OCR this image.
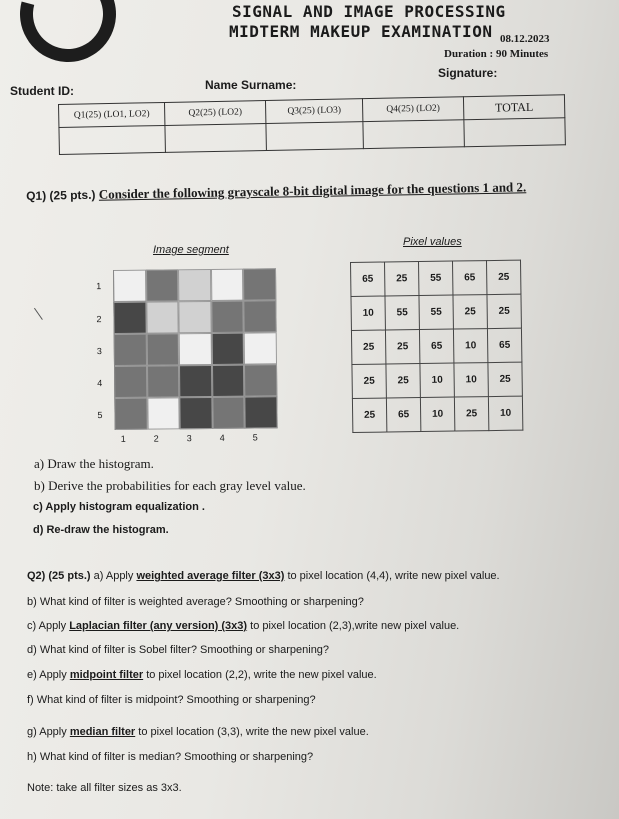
SIGNAL AND IMAGE PROCESSING
MIDTERM MAKEUP EXAMINATION 08.12.2023
Duration : 90 Minutes
Student ID:	Name Surname:
Signature:
Q1(25) (LO1, LO2)	Q2(25) (LO2)	Q3(25) (LO3)	Q4(25) (LO2)	TOTAL

Q1) (25 pts.) Consider the following grayscale 8-bit digital image for the questions 1 and 2.
Image segment
Pixel values
1
2
3
4
5
1	2	3	4	5
65	25	55	65	25
10	55	55	25	25
25	25	65	10	65
25	25	10	10	25
25	65	10	25	10
a) Draw the histogram.
b) Derive the probabilities for each gray level value.
c) Apply histogram equalization .
d) Re-draw the histogram.
Q2) (25 pts.) a) Apply weighted average filter (3x3) to pixel location (4,4), write new pixel value.
b) What kind of filter is weighted average? Smoothing or sharpening?
c) Apply Laplacian filter (any version) (3x3) to pixel location (2,3),write new pixel value.
d) What kind of filter is Sobel filter? Smoothing or sharpening?
e) Apply midpoint filter to pixel location (2,2), write the new pixel value.
f) What kind of filter is midpoint? Smoothing or sharpening?
g) Apply median filter to pixel location (3,3), write the new pixel value.
h) What kind of filter is median? Smoothing or sharpening?
Note: take all filter sizes as 3x3.
